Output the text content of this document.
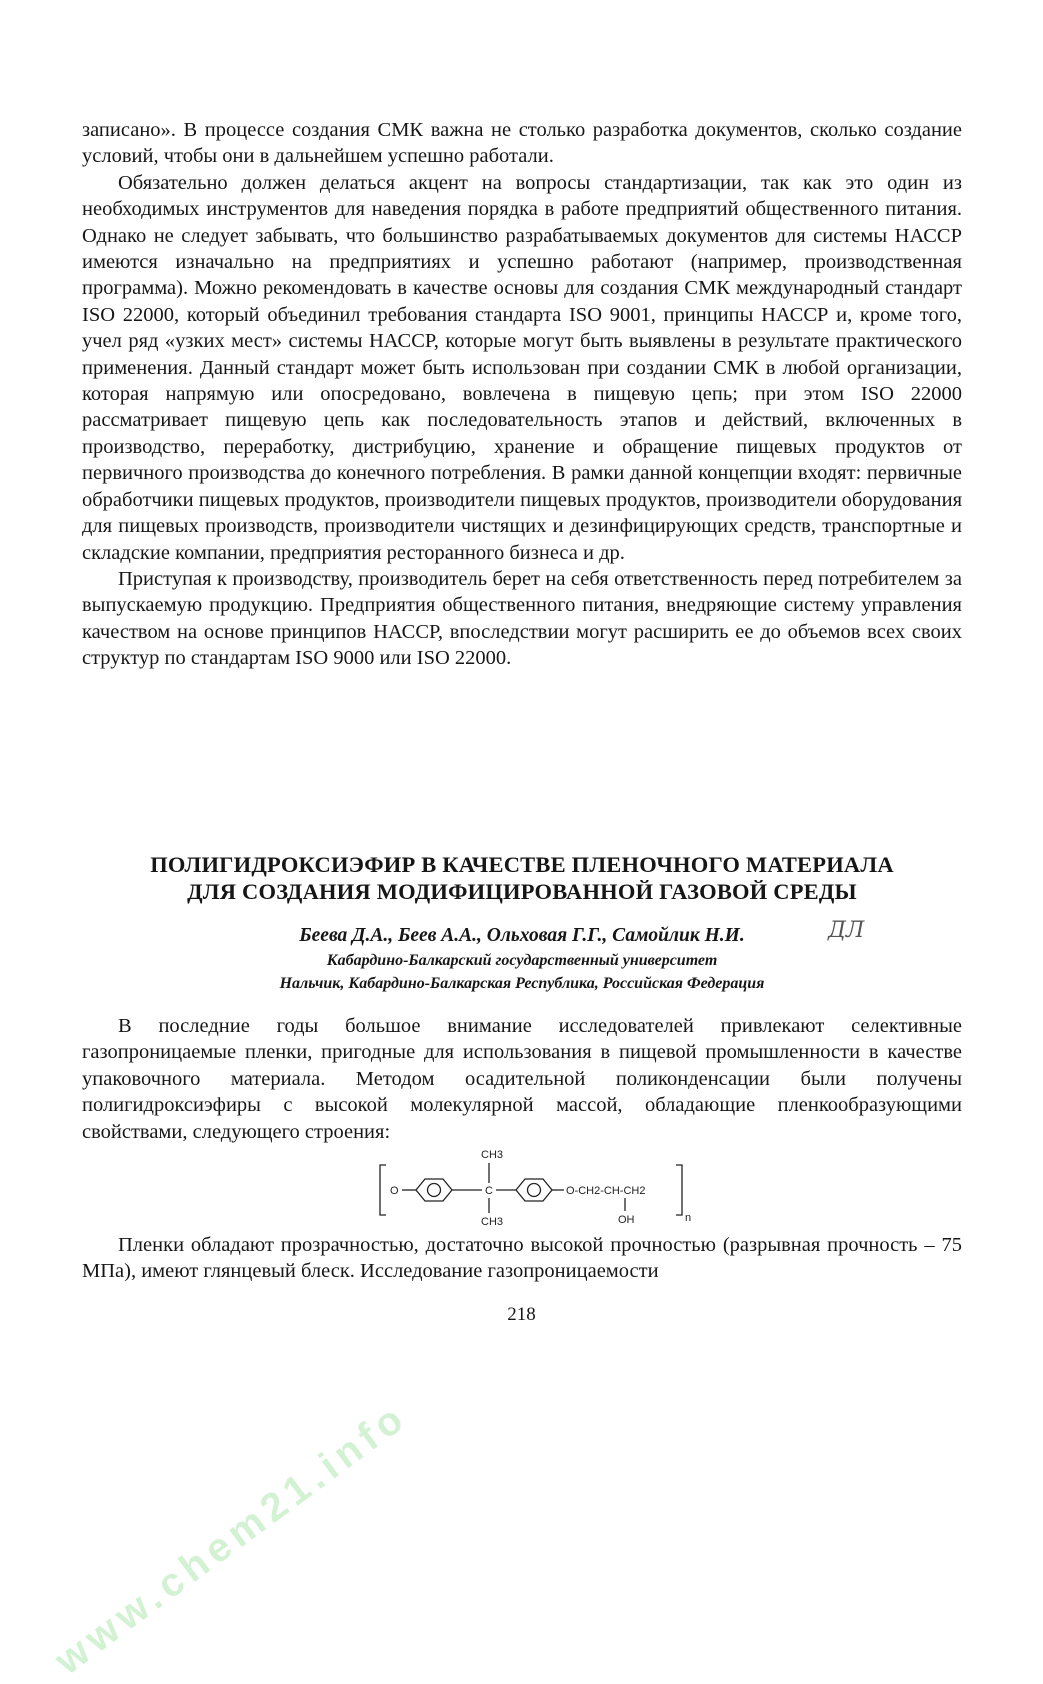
записано». В процессе создания СМК важна не столько разработка документов, сколько создание условий, чтобы они в дальнейшем успешно работали.

Обязательно должен делаться акцент на вопросы стандартизации, так как это один из необходимых инструментов для наведения порядка в работе предприятий общественного питания. Однако не следует забывать, что большинство разрабатываемых документов для системы НАССР имеются изначально на предприятиях и успешно работают (например, производственная программа). Можно рекомендовать в качестве основы для создания СМК международный стандарт ISO 22000, который объединил требования стандарта ISO 9001, принципы НАССР и, кроме того, учел ряд «узких мест» системы НАССР, которые могут быть выявлены в результате практического применения. Данный стандарт может быть использован при создании СМК в любой организации, которая напрямую или опосредовано, вовлечена в пищевую цепь; при этом ISO 22000 рассматривает пищевую цепь как последовательность этапов и действий, включенных в производство, переработку, дистрибуцию, хранение и обращение пищевых продуктов от первичного производства до конечного потребления. В рамки данной концепции входят: первичные обработчики пищевых продуктов, производители пищевых продуктов, производители оборудования для пищевых производств, производители чистящих и дезинфицирующих средств, транспортные и складские компании, предприятия ресторанного бизнеса и др.

Приступая к производству, производитель берет на себя ответственность перед потребителем за выпускаемую продукцию. Предприятия общественного питания, внедряющие систему управления качеством на основе принципов НАССР, впоследствии могут расширить ее до объемов всех своих структур по стандартам ISO 9000 или ISO 22000.

ПОЛИГИДРОКСИЭФИР В КАЧЕСТВЕ ПЛЕНОЧНОГО МАТЕРИАЛА
ДЛЯ СОЗДАНИЯ МОДИФИЦИРОВАННОЙ ГАЗОВОЙ СРЕДЫ
Беева Д.А., Беев А.А., Ольховая Г.Г., Самойлик Н.И.	ДЛ
Кабардино-Балкарский государственный университет
Нальчик, Кабардино-Балкарская Республика, Российская Федерация

В последние годы большое внимание исследователей привлекают селективные газопроницаемые пленки, пригодные для использования в пищевой промышленности в качестве упаковочного материала. Методом осадительной поликонденсации были получены полигидроксиэфиры с высокой молекулярной массой, обладающие пленкообразующими свойствами, следующего строения:

O	C
CH3
CH3
O-CH2-CH-CH2
OH	n

Пленки обладают прозрачностью, достаточно высокой прочностью (разрывная прочность – 75 МПа), имеют глянцевый блеск. Исследование газопроницаемости

218
www.chem21.info
